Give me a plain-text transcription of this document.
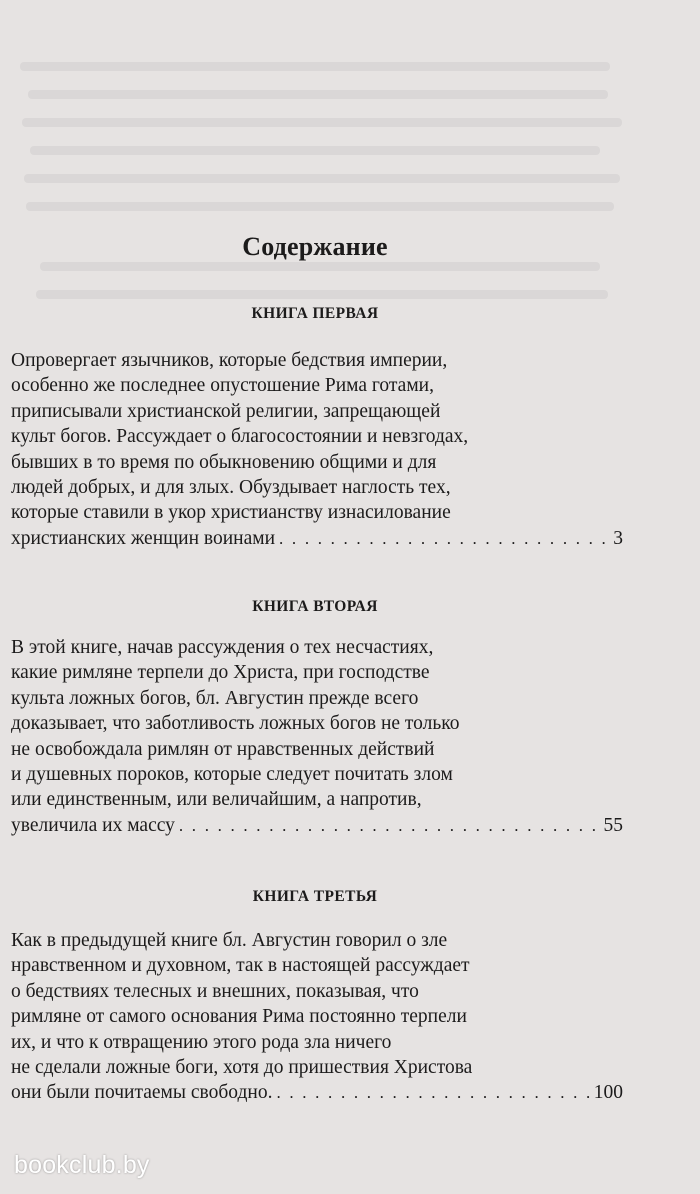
Содержание
КНИГА ПЕРВАЯ
Опровергает язычников, которые бедствия империи,
особенно же последнее опустошение Рима готами,
приписывали христианской религии, запрещающей
культ богов. Рассуждает о благосостоянии и невзгодах,
бывших в то время по обыкновению общими и для
людей добрых, и для злых. Обуздывает наглость тех,
которые ставили в укор христианству изнасилование
христианских женщин воинами . . .	3
КНИГА ВТОРАЯ
В этой книге, начав рассуждения о тех несчастиях,
какие римляне терпели до Христа, при господстве
культа ложных богов, бл. Августин прежде всего
доказывает, что заботливость ложных богов не только
не освобождала римлян от нравственных действий
и душевных пороков, которые следует почитать злом
или единственным, или величайшим, а напротив,
увеличила их массу . . .	55
КНИГА ТРЕТЬЯ
Как в предыдущей книге бл. Августин говорил о зле
нравственном и духовном, так в настоящей рассуждает
о бедствиях телесных и внешних, показывая, что
римляне от самого основания Рима постоянно терпели
их, и что к отвращению этого рода зла ничего
не сделали ложные боги, хотя до пришествия Христова
они были почитаемы свободно. . . .	100
bookclub.by
